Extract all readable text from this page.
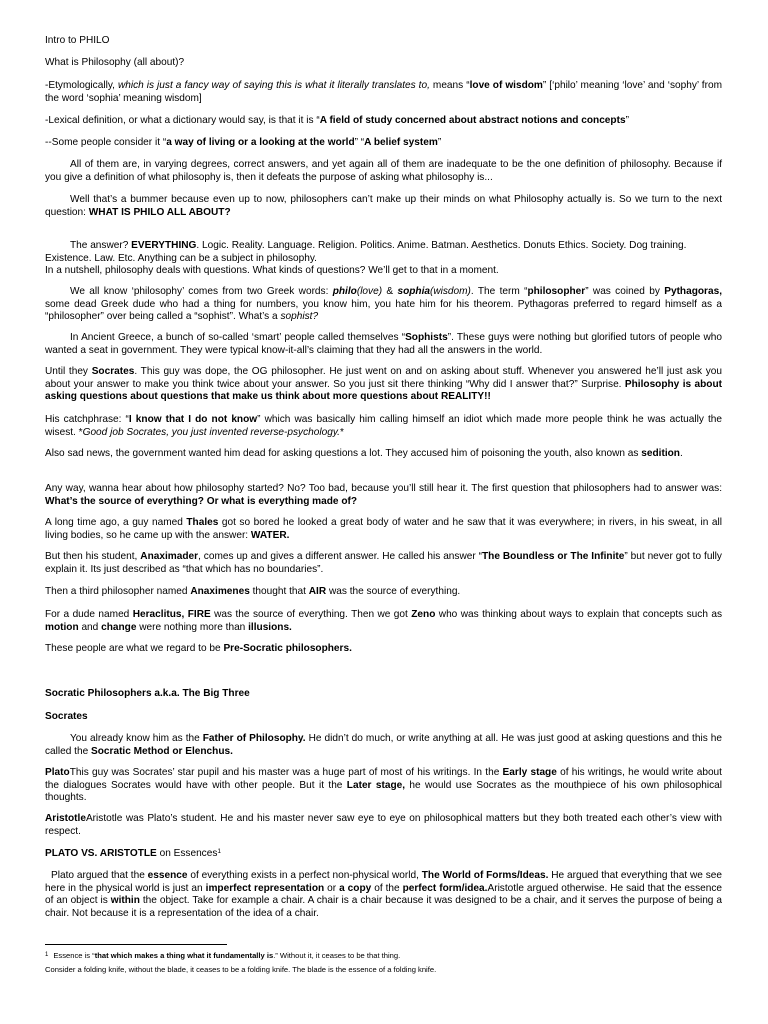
Intro to PHILO

What is Philosophy (all about)?

-Etymologically, which is just a fancy way of saying this is what it literally translates to, means “love of wisdom” [‘philo’ meaning ‘love’ and ‘sophy’ from the word ‘sophia’ meaning wisdom]

-Lexical definition, or what a dictionary would say, is that it is “A field of study concerned about abstract notions and concepts”

--Some people consider it “a way of living or a looking at the world” “A belief system”

All of them are, in varying degrees, correct answers, and yet again all of them are inadequate to be the one definition of philosophy. Because if you give a definition of what philosophy is, then it defeats the purpose of asking what philosophy is...

Well that’s a bummer because even up to now, philosophers can’t make up their minds on what Philosophy actually is. So we turn to the next question: WHAT IS PHILO ALL ABOUT?

The answer? EVERYTHING. Logic. Reality. Language. Religion. Politics. Anime. Batman. Aesthetics. Donuts Ethics. Society. Dog training. Existence. Law. Etc. Anything can be a subject in philosophy.
In a nutshell, philosophy deals with questions. What kinds of questions? We’ll get to that in a moment.

We all know ‘philosophy’ comes from two Greek words: philo(love) & sophia(wisdom). The term “philosopher” was coined by Pythagoras, some dead Greek dude who had a thing for numbers, you know him, you hate him for his theorem. Pythagoras preferred to regard himself as a “philosopher” over being called a “sophist”. What’s a sophist?

In Ancient Greece, a bunch of so-called ‘smart’ people called themselves “Sophists”. These guys were nothing but glorified tutors of people who wanted a seat in government. They were typical know-it-all’s claiming that they had all the answers in the world.

Until they Socrates. This guy was dope, the OG philosopher. He just went on and on asking about stuff. Whenever you answered he’ll just ask you about your answer to make you think twice about your answer. So you just sit there thinking “Why did I answer that?” Surprise. Philosophy is about asking questions about questions that make us think about more questions about REALITY!!

His catchphrase: “I know that I do not know” which was basically him calling himself an idiot which made more people think he was actually the wisest. *Good job Socrates, you just invented reverse-psychology.*

Also sad news, the government wanted him dead for asking questions a lot. They accused him of poisoning the youth, also known as sedition.

Any way, wanna hear about how philosophy started? No? Too bad, because you’ll still hear it. The first question that philosophers had to answer was: What’s the source of everything? Or what is everything made of?

A long time ago, a guy named Thales got so bored he looked a great body of water and he saw that it was everywhere; in rivers, in his sweat, in all living bodies, so he came up with the answer: WATER.

But then his student, Anaximader, comes up and gives a different answer. He called his answer “The Boundless or The Infinite” but never got to fully explain it. Its just described as “that which has no boundaries”.

Then a third philosopher named Anaximenes thought that AIR was the source of everything.

For a dude named Heraclitus, FIRE was the source of everything. Then we got Zeno who was thinking about ways to explain that concepts such as motion and change were nothing more than illusions.

These people are what we regard to be Pre-Socratic philosophers.

Socratic Philosophers a.k.a. The Big Three

Socrates

You already know him as the Father of Philosophy. He didn’t do much, or write anything at all. He was just good at asking questions and this he called the Socratic Method or Elenchus.

PlatoThis guy was Socrates’ star pupil and his master was a huge part of most of his writings. In the Early stage of his writings, he would write about the dialogues Socrates would have with other people. But it the Later stage, he would use Socrates as the mouthpiece of his own philosophical thoughts.

AristotleAristotle was Plato’s student. He and his master never saw eye to eye on philosophical matters but they both treated each other’s view with respect.

PLATO VS. ARISTOTLE on Essences$^1$

Plato argued that the essence of everything exists in a perfect non-physical world, The World of Forms/Ideas. He argued that everything that we see here in the physical world is just an imperfect representation or a copy of the perfect form/idea.Aristotle argued otherwise. He said that the essence of an object is within the object. Take for example a chair. A chair is a chair because it was designed to be a chair, and it serves the purpose of being a chair. Not because it is a representation of the idea of a chair.

$^1$ Essence is “that which makes a thing what it fundamentally is.” Without it, it ceases to be that thing.
Consider a folding knife, without the blade, it ceases to be a folding knife. The blade is the essence of a folding knife.
